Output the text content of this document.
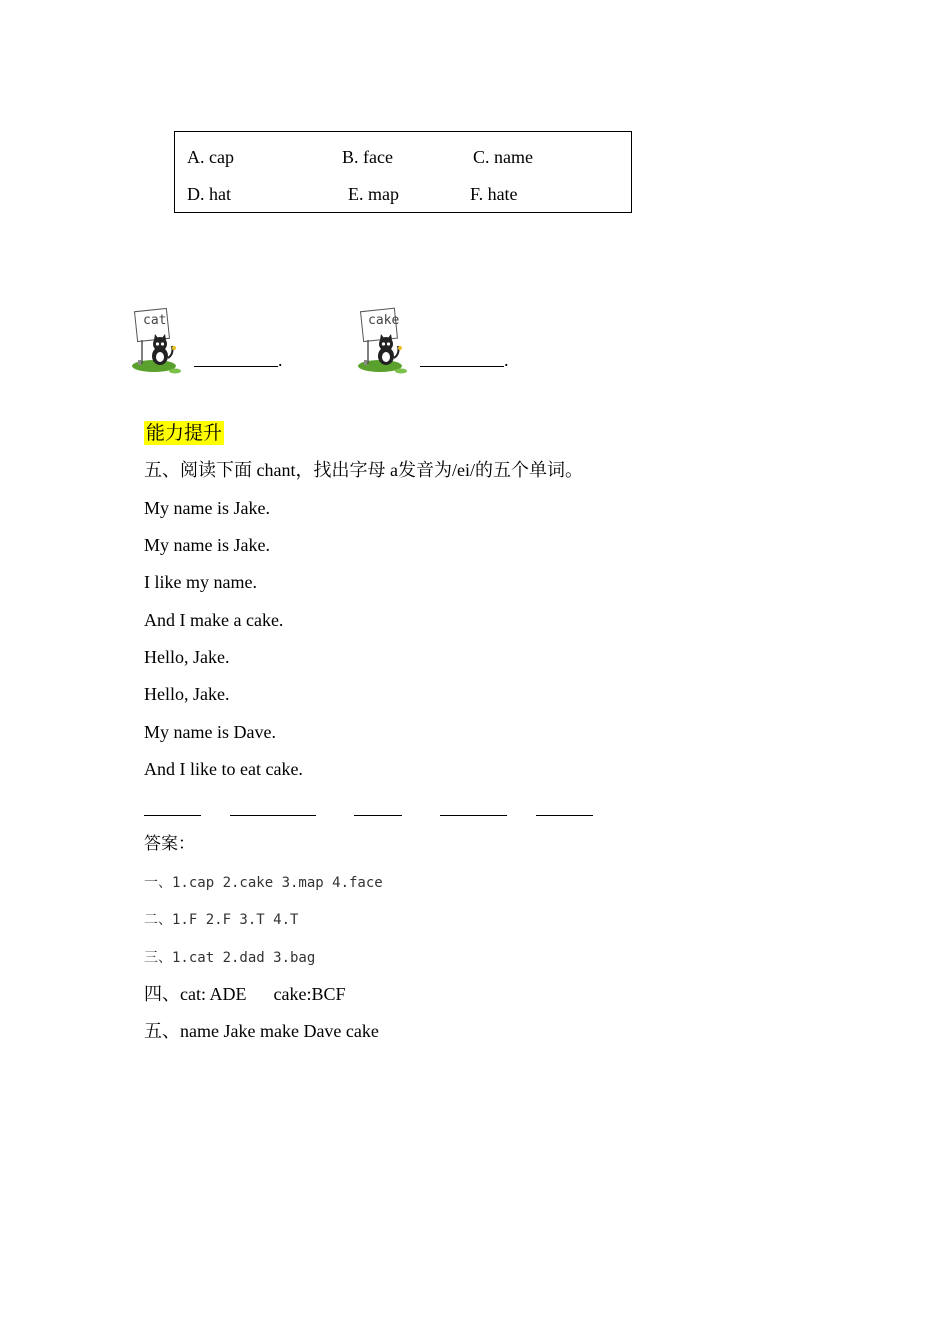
A. cap	B. face	C. name
D. hat	E. map	F. hate
cat
.
cake
.
能力提升
五、阅读下面 chant，找出字母 a发音为/ei/的五个单词。
My name is Jake.
My name is Jake.
I like my name.
And I make a cake.
Hello, Jake.
Hello, Jake.
My name is Dave.
And I like to eat cake.
答案：
一、1.cap 2.cake 3.map 4.face
二、1.F 2.F 3.T 4.T
三、1.cat 2.dad 3.bag
四、cat: ADE      cake:BCF
五、name Jake make Dave cake
